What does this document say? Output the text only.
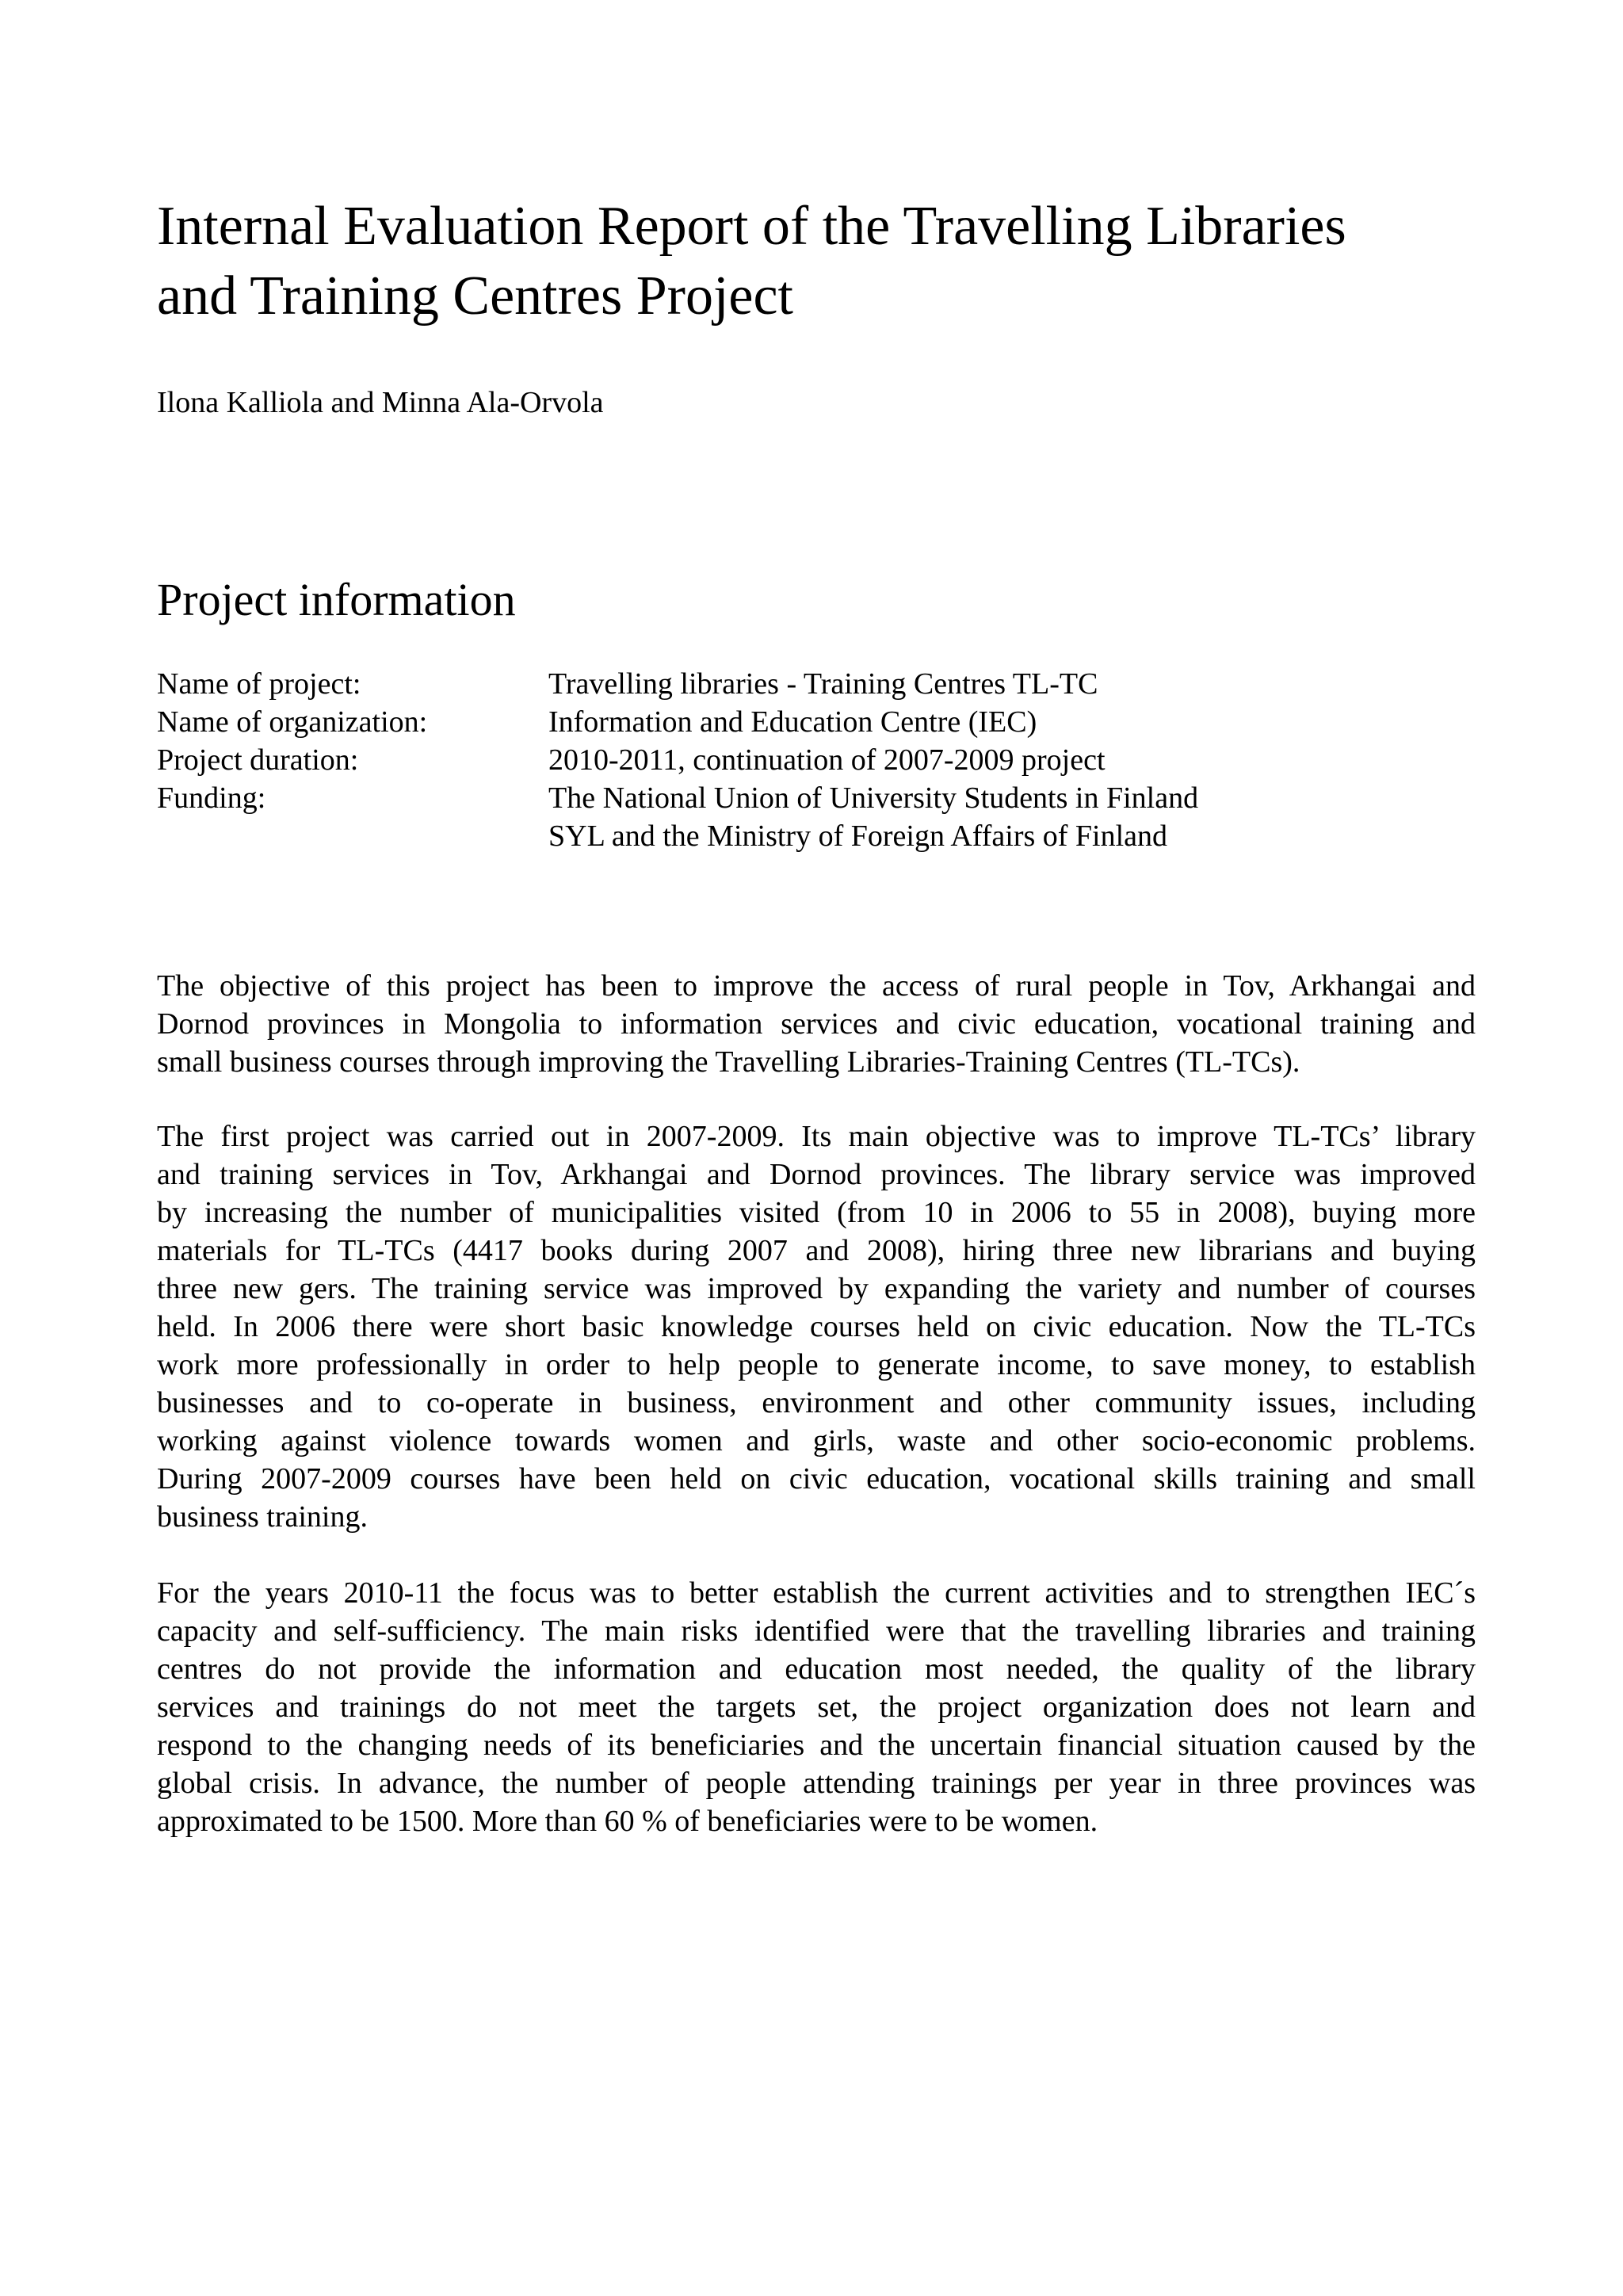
Internal Evaluation Report of the Travelling Libraries
and Training Centres Project

Ilona Kalliola and Minna Ala-Orvola

Project information
Name of project:	Travelling libraries - Training Centres TL-TC
Name of organization:	Information and Education Centre (IEC)
Project duration:	2010-2011, continuation of 2007-2009 project
Funding:	The National Union of University Students in Finland
SYL and the Ministry of Foreign Affairs of Finland

The objective of this project has been to improve the access of rural people in Tov, Arkhangai and
Dornod provinces in Mongolia to information services and civic education, vocational training and
small business courses through improving the Travelling Libraries-Training Centres (TL-TCs).

The first project was carried out in 2007-2009. Its main objective was to improve TL-TCs’ library
and training services in Tov, Arkhangai and Dornod provinces. The library service was improved
by increasing the number of municipalities visited (from 10 in 2006 to 55 in 2008), buying more
materials for TL-TCs (4417 books during 2007 and 2008), hiring three new librarians and buying
three new gers. The training service was improved by expanding the variety and number of courses
held. In 2006 there were short basic knowledge courses held on civic education. Now the TL-TCs
work more professionally in order to help people to generate income, to save money, to establish
businesses and to co-operate in business, environment and other community issues, including
working against violence towards women and girls, waste and other socio-economic problems.
During 2007-2009 courses have been held on civic education, vocational skills training and small
business training.

For the years 2010-11 the focus was to better establish the current activities and to strengthen IEC´s
capacity and self-sufficiency. The main risks identified were that the travelling libraries and training
centres do not provide the information and education most needed, the quality of the library
services and trainings do not meet the targets set, the project organization does not learn and
respond to the changing needs of its beneficiaries and the uncertain financial situation caused by the
global crisis. In advance, the number of people attending trainings per year in three provinces was
approximated to be 1500. More than 60 % of beneficiaries were to be women.
